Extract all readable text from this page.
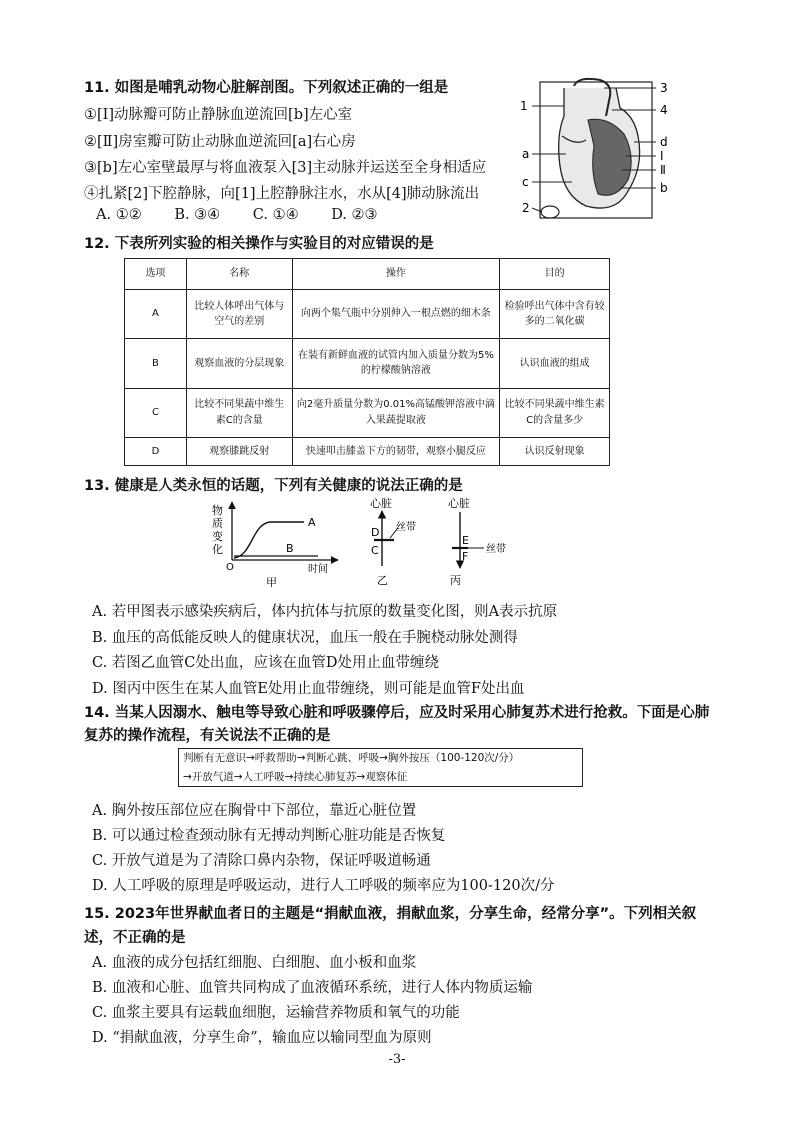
11. 如图是哺乳动物心脏解剖图。下列叙述正确的一组是
①[Ⅰ]动脉瓣可防止静脉血逆流回[b]左心室
②[Ⅱ]房室瓣可防止动脉血逆流回[a]右心房
③[b]左心室壁最厚与将血液泵入[3]主动脉并运送至全身相适应
④扎紧[2]下腔静脉，向[1]上腔静脉注水，水从[4]肺动脉流出
A. ①② B. ③④ C. ①④ D. ②③
1
3
4
a
d
Ⅰ
Ⅱ
c	b
2
12. 下表所列实验的相关操作与实验目的对应错误的是
选项	名称	操作	目的
A	比较人体呼出气体与空气的差别	向两个集气瓶中分别伸入一根点燃的细木条	检验呼出气体中含有较多的二氧化碳
B	观察血液的分层现象	在装有新鲜血液的试管内加入质量分数为5%的柠檬酸钠溶液	认识血液的组成
C	比较不同果蔬中维生素C的含量	向2毫升质量分数为0.01%高锰酸钾溶液中滴入果蔬提取液	比较不同果蔬中维生素C的含量多少
D	观察膝跳反射	快速叩击膝盖下方的韧带，观察小腿反应	认识反射现象
13. 健康是人类永恒的话题，下列有关健康的说法正确的是
物
质
变
化
O
A
B
时间
甲
心脏
丝带
D
C
乙
心脏
丝带
E
F
丙
A. 若甲图表示感染疾病后，体内抗体与抗原的数量变化图，则A表示抗原
B. 血压的高低能反映人的健康状况，血压一般在手腕桡动脉处测得
C. 若图乙血管C处出血，应该在血管D处用止血带缠绕
D. 图丙中医生在某人血管E处用止血带缠绕，则可能是血管F处出血
14. 当某人因溺水、触电等导致心脏和呼吸骤停后，应及时采用心肺复苏术进行抢救。下面是心肺
复苏的操作流程，有关说法不正确的是
判断有无意识→呼救帮助→判断心跳、呼吸→胸外按压（100-120次/分）
→开放气道→人工呼吸→持续心肺复苏→观察体征
A. 胸外按压部位应在胸骨中下部位，靠近心脏位置
B. 可以通过检查颈动脉有无搏动判断心脏功能是否恢复
C. 开放气道是为了清除口鼻内杂物，保证呼吸道畅通
D. 人工呼吸的原理是呼吸运动，进行人工呼吸的频率应为100-120次/分
15. 2023年世界献血者日的主题是“捐献血液，捐献血浆，分享生命，经常分享”。下列相关叙
述，不正确的是
A. 血液的成分包括红细胞、白细胞、血小板和血浆
B. 血液和心脏、血管共同构成了血液循环系统，进行人体内物质运输
C. 血浆主要具有运载血细胞，运输营养物质和氧气的功能
D. “捐献血液，分享生命”，输血应以输同型血为原则
-3-
